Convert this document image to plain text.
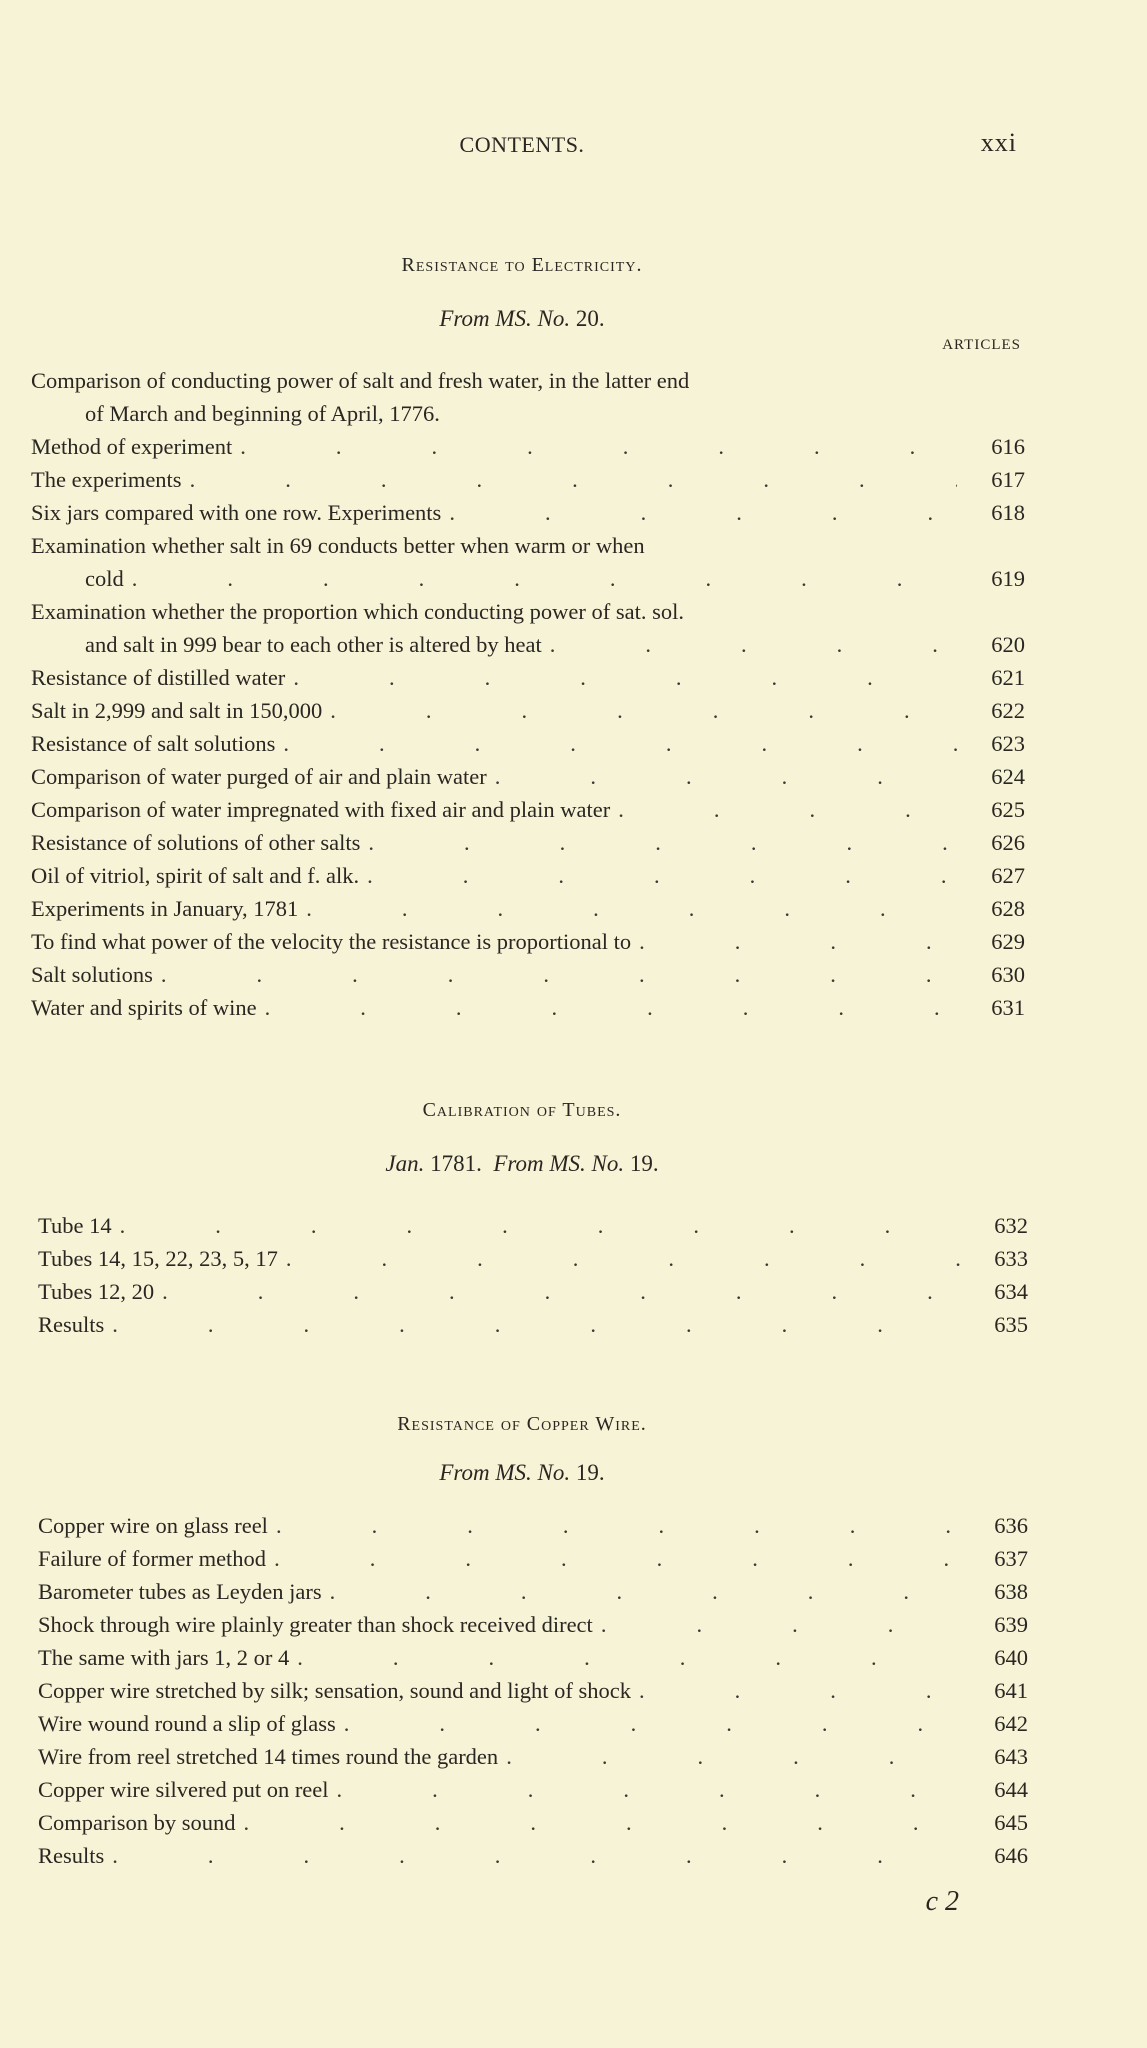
CONTENTS.	xxi
Resistance to Electricity.
From MS. No. 20.
ARTICLES
Comparison of conducting power of salt and fresh water, in the latter end
of March and beginning of April, 1776.
Method of experiment .	616
The experiments .	617
Six jars compared with one row. Experiments .	618
Examination whether salt in 69 conducts better when warm or when
cold .	619
Examination whether the proportion which conducting power of sat. sol.
and salt in 999 bear to each other is altered by heat .	620
Resistance of distilled water .	621
Salt in 2,999 and salt in 150,000 .	622
Resistance of salt solutions .	623
Comparison of water purged of air and plain water .	624
Comparison of water impregnated with fixed air and plain water .	625
Resistance of solutions of other salts .	626
Oil of vitriol, spirit of salt and f. alk. .	627
Experiments in January, 1781 .	628
To find what power of the velocity the resistance is proportional to .	629
Salt solutions .	630
Water and spirits of wine .	631
Calibration of Tubes.
Jan. 1781. From MS. No. 19.
Tube 14 .	632
Tubes 14, 15, 22, 23, 5, 17 .	633
Tubes 12, 20 .	634
Results .	635
Resistance of Copper Wire.
From MS. No. 19.
Copper wire on glass reel .	636
Failure of former method .	637
Barometer tubes as Leyden jars .	638
Shock through wire plainly greater than shock received direct .	639
The same with jars 1, 2 or 4 .	640
Copper wire stretched by silk; sensation, sound and light of shock .	641
Wire wound round a slip of glass .	642
Wire from reel stretched 14 times round the garden .	643
Copper wire silvered put on reel .	644
Comparison by sound .	645
Results .	646
c 2
